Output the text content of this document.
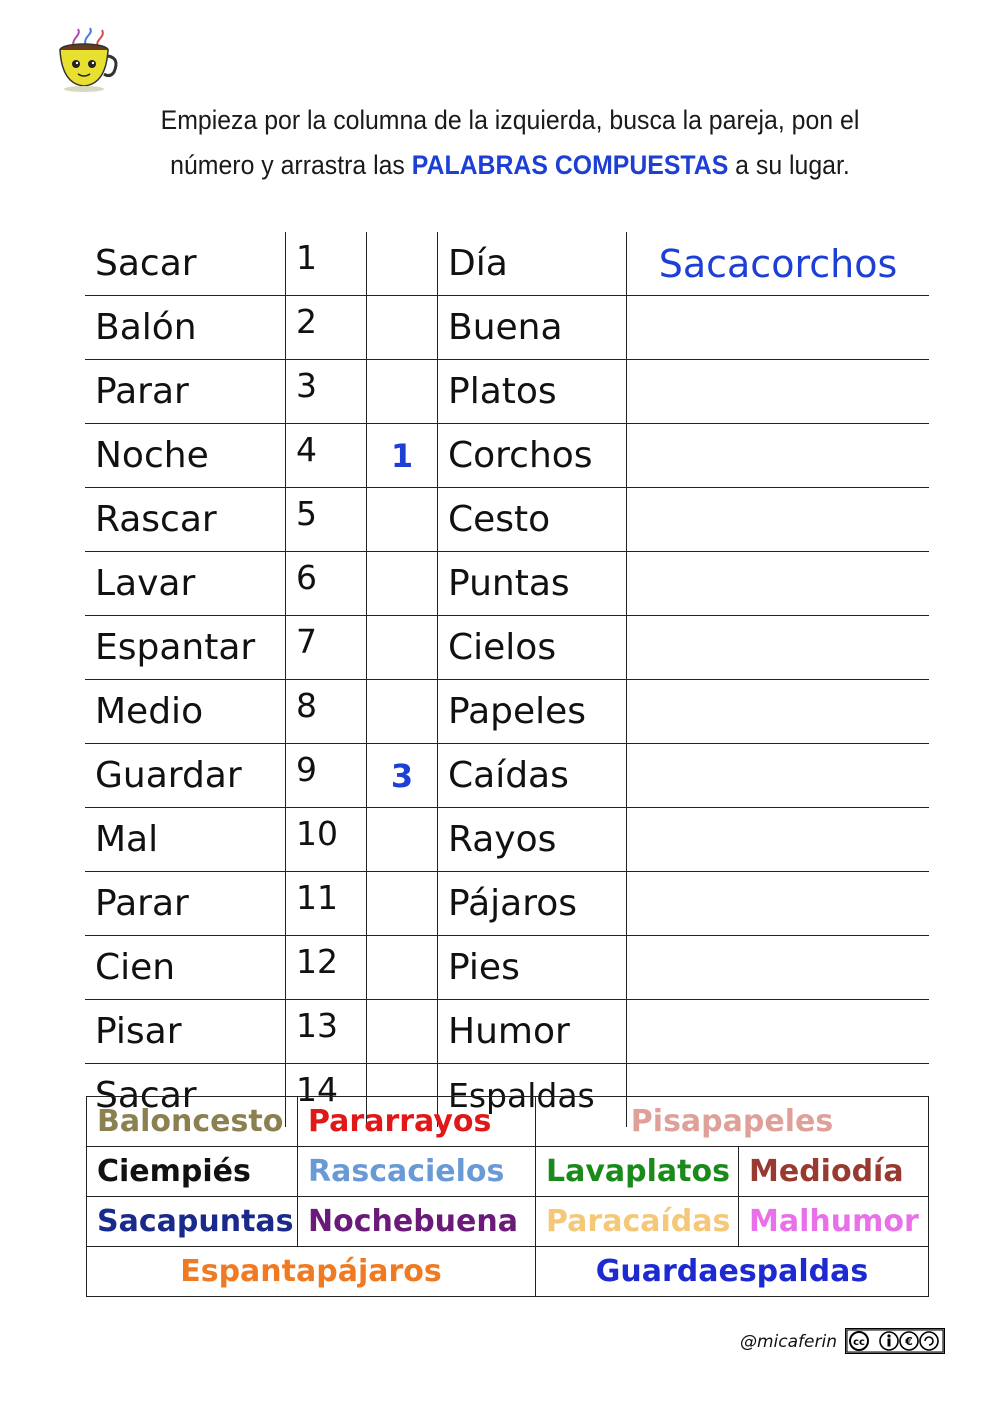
Empieza por la columna de la izquierda, busca la pareja, pon el
número y arrastra las PALABRAS COMPUESTAS a su lugar.
Sacar	1		Día	Sacacorchos
Balón	2		Buena	
Parar	3		Platos	
Noche	4	1	Corchos	
Rascar	5		Cesto	
Lavar	6		Puntas	
Espantar	7		Cielos	
Medio	8		Papeles	
Guardar	9	3	Caídas	
Mal	10		Rayos	
Parar	11		Pájaros	
Cien	12		Pies	
Pisar	13		Humor	
Sacar	14		Espaldas	
Baloncesto	Pararrayos	Pisapapeles	
Ciempiés	Rascacielos	Lavaplatos	Mediodía
Sacapuntas	Nochebuena	Paracaídas	Malhumor
Espantapájaros		Guardaespaldas	
@micaferin cc	€
